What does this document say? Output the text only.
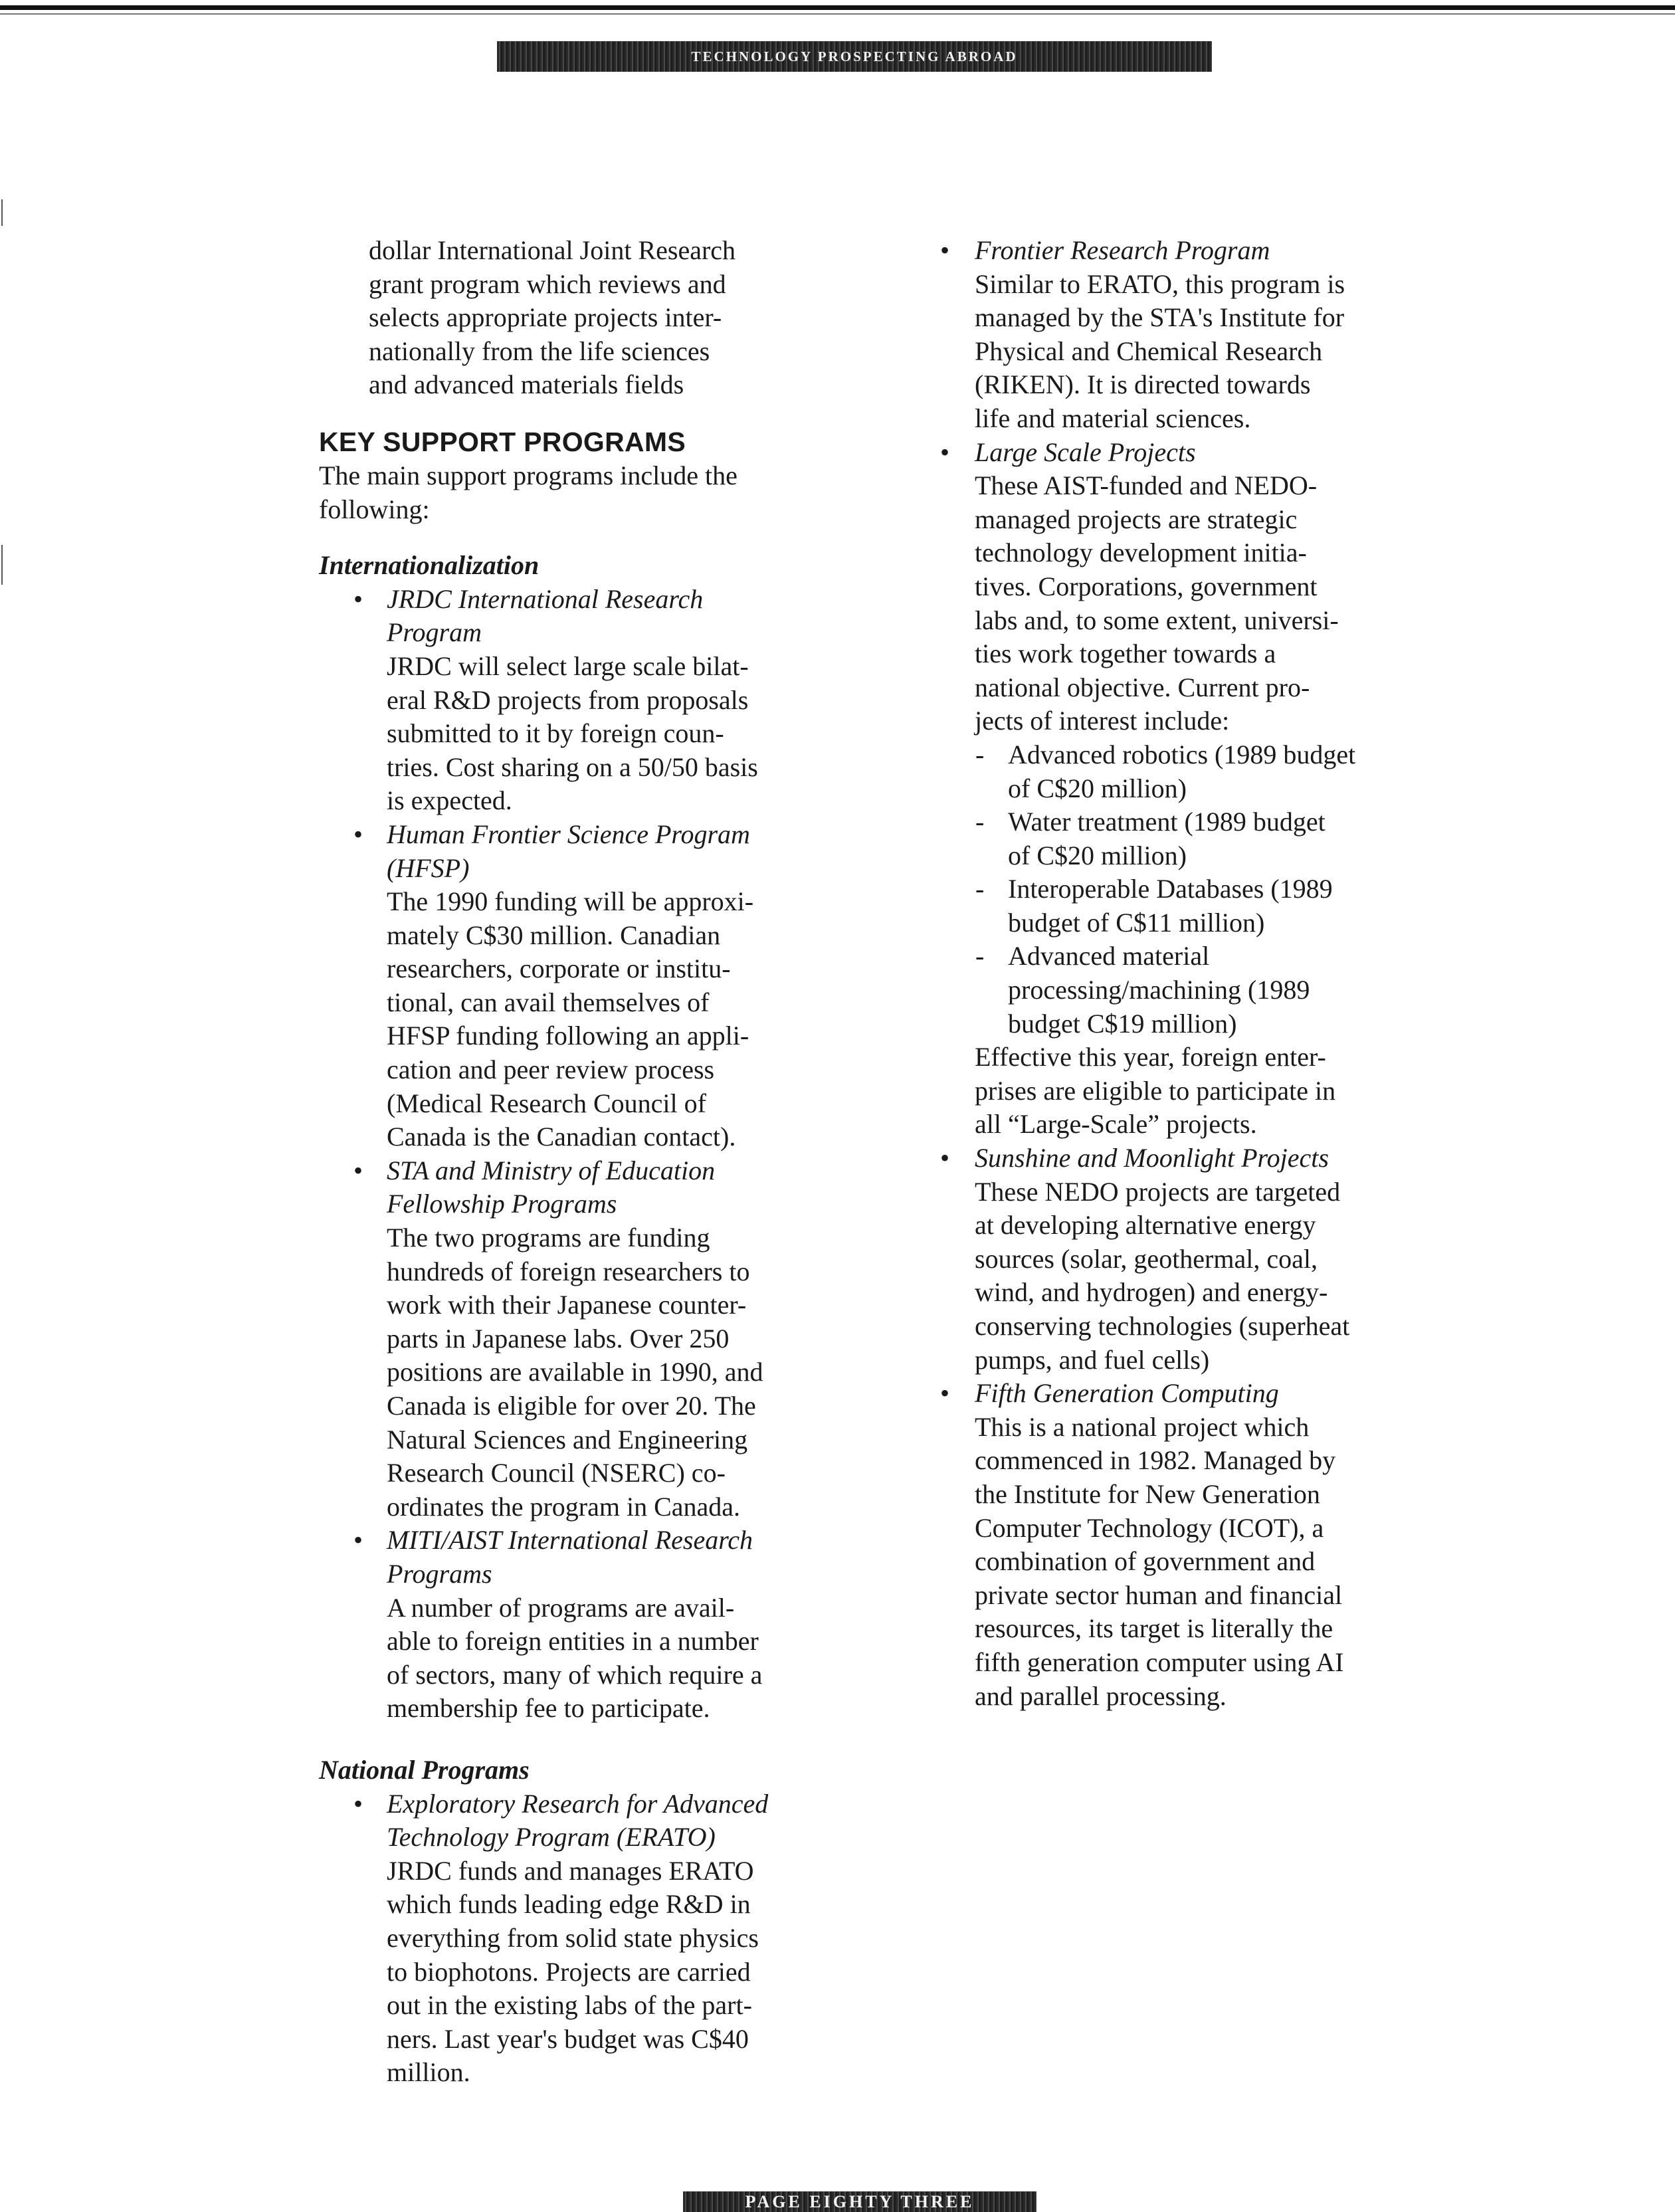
TECHNOLOGY PROSPECTING ABROAD
dollar International Joint Research
grant program which reviews and
selects appropriate projects inter-
nationally from the life sciences
and advanced materials fields
KEY SUPPORT PROGRAMS
The main support programs include the
following:
Internationalization
• JRDC International Research
Program
JRDC will select large scale bilat-
eral R&D projects from proposals
submitted to it by foreign coun-
tries. Cost sharing on a 50/50 basis
is expected.
• Human Frontier Science Program
(HFSP)
The 1990 funding will be approxi-
mately C$30 million. Canadian
researchers, corporate or institu-
tional, can avail themselves of
HFSP funding following an appli-
cation and peer review process
(Medical Research Council of
Canada is the Canadian contact).
• STA and Ministry of Education
Fellowship Programs
The two programs are funding
hundreds of foreign researchers to
work with their Japanese counter-
parts in Japanese labs. Over 250
positions are available in 1990, and
Canada is eligible for over 20. The
Natural Sciences and Engineering
Research Council (NSERC) co-
ordinates the program in Canada.
• MITI/AIST International Research
Programs
A number of programs are avail-
able to foreign entities in a number
of sectors, many of which require a
membership fee to participate.
National Programs
• Exploratory Research for Advanced
Technology Program (ERATO)
JRDC funds and manages ERATO
which funds leading edge R&D in
everything from solid state physics
to biophotons. Projects are carried
out in the existing labs of the part-
ners. Last year's budget was C$40
million.
• Frontier Research Program
Similar to ERATO, this program is
managed by the STA's Institute for
Physical and Chemical Research
(RIKEN). It is directed towards
life and material sciences.
• Large Scale Projects
These AIST-funded and NEDO-
managed projects are strategic
technology development initia-
tives. Corporations, government
labs and, to some extent, universi-
ties work together towards a
national objective. Current pro-
jects of interest include:
- Advanced robotics (1989 budget
of C$20 million)
- Water treatment (1989 budget
of C$20 million)
- Interoperable Databases (1989
budget of C$11 million)
- Advanced material
processing/machining (1989
budget C$19 million)
Effective this year, foreign enter-
prises are eligible to participate in
all “Large-Scale” projects.
• Sunshine and Moonlight Projects
These NEDO projects are targeted
at developing alternative energy
sources (solar, geothermal, coal,
wind, and hydrogen) and energy-
conserving technologies (superheat
pumps, and fuel cells)
• Fifth Generation Computing
This is a national project which
commenced in 1982. Managed by
the Institute for New Generation
Computer Technology (ICOT), a
combination of government and
private sector human and financial
resources, its target is literally the
fifth generation computer using AI
and parallel processing.
PAGE EIGHTY THREE
